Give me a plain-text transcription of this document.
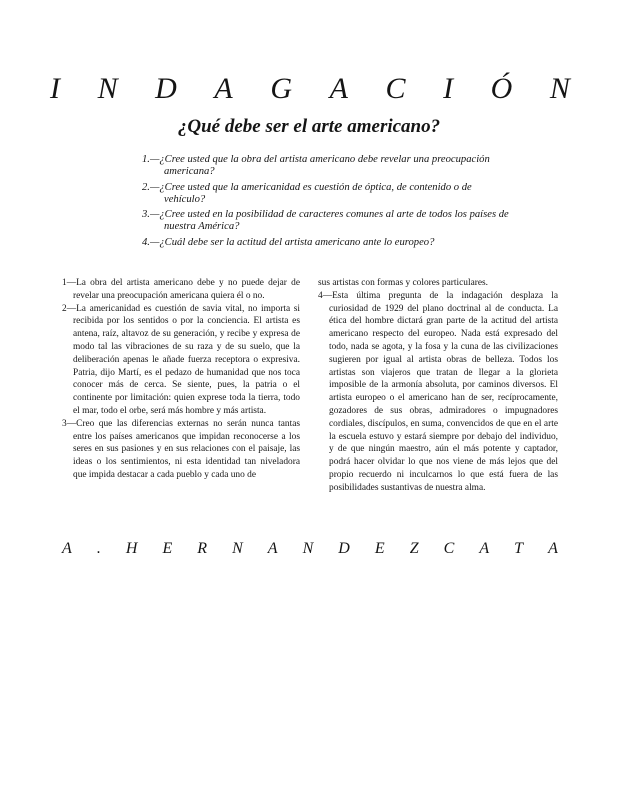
I N D A G A C I Ó N
¿Qué debe ser el arte americano?
1.—¿Cree usted que la obra del artista americano debe revelar una preocupación americana?
2.—¿Cree usted que la americanidad es cuestión de óptica, de contenido o de vehículo?
3.—¿Cree usted en la posibilidad de caracteres comunes al arte de todos los países de nuestra América?
4.—¿Cuál debe ser la actitud del artista americano ante lo europeo?

1—La obra del artista americano debe y no puede dejar de revelar una preocupación americana quiera él o no.

2—La americanidad es cuestión de savia vital, no importa si recibida por los sentidos o por la conciencia. El artista es antena, raíz, altavoz de su generación, y recibe y expresa de modo tal las vibraciones de su raza y de su suelo, que la deliberación apenas le añade fuerza receptora o expresiva. Patria, dijo Martí, es el pedazo de humanidad que nos toca conocer más de cerca. Se siente, pues, la patria o el continente por limitación: quien exprese toda la tierra, todo el mar, todo el orbe, será más hombre y más artista.

3—Creo que las diferencias externas no serán nunca tantas entre los países americanos que impidan reconocerse a los seres en sus pasiones y en sus relaciones con el paisaje, las ideas o los sentimientos, ni esta identidad tan niveladora que impida destacar a cada pueblo y cada uno de

sus artistas con formas y colores particulares.

4—Esta última pregunta de la indagación desplaza la curiosidad de 1929 del plano doctrinal al de conducta. La ética del hombre dictará gran parte de la actitud del artista americano respecto del europeo. Nada está expresado del todo, nada se agota, y la fosa y la cuna de las civilizaciones sugieren por igual al artista obras de belleza. Todos los artistas son viajeros que tratan de llegar a la glorieta imposible de la armonía absoluta, por caminos diversos. El artista europeo o el americano han de ser, recíprocamente, gozadores de sus obras, admiradores o impugnadores cordiales, discípulos, en suma, convencidos de que en el arte la escuela estuvo y estará siempre por debajo del individuo, y de que ningún maestro, aún el más potente y captador, podrá hacer olvidar lo que nos viene de más lejos que del propio recuerdo ni inculcarnos lo que está fuera de las posibilidades sustantivas de nuestra alma.

A . H E R N A N D E Z C A T A
